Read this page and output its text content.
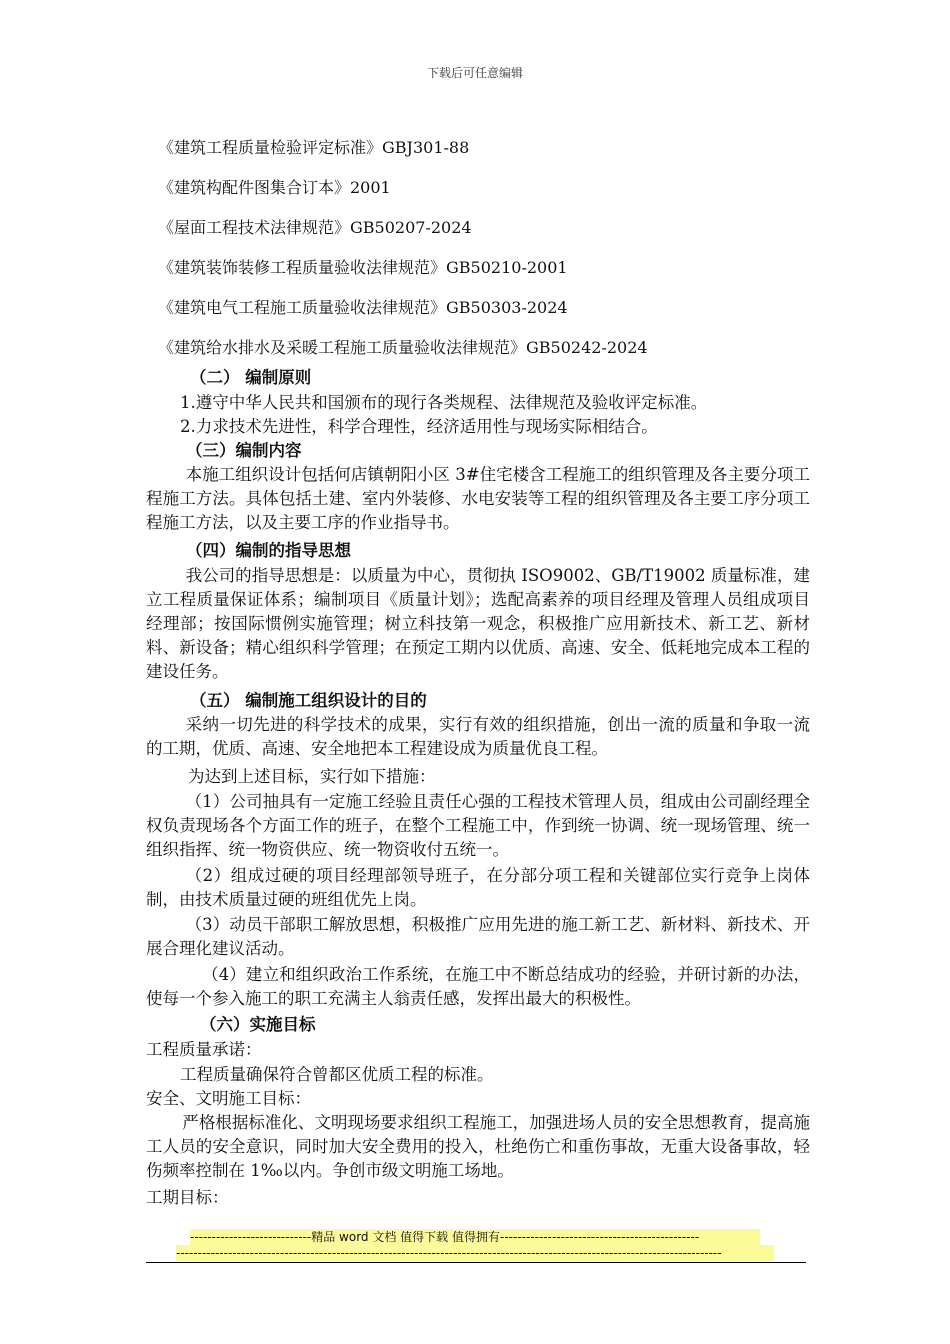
下载后可任意编辑
《建筑工程质量检验评定标准》GBJ301-88
《建筑构配件图集合订本》2001
《屋面工程技术法律规范》GB50207-2024
《建筑装饰装修工程质量验收法律规范》GB50210-2001
《建筑电气工程施工质量验收法律规范》GB50303-2024
《建筑给水排水及采暖工程施工质量验收法律规范》GB50242-2024
（二） 编制原则
1.遵守中华人民共和国颁布的现行各类规程、法律规范及验收评定标准。
2.力求技术先进性，科学合理性，经济适用性与现场实际相结合。
（三）编制内容
本施工组织设计包括何店镇朝阳小区 3#住宅楼含工程施工的组织管理及各主要分项工程施工方法。具体包括土建、室内外装修、水电安装等工程的组织管理及各主要工序分项工程施工方法，以及主要工序的作业指导书。
（四）编制的指导思想
我公司的指导思想是：以质量为中心，贯彻执 ISO9002、GB/T19002 质量标准，建立工程质量保证体系；编制项目《质量计划》；选配高素养的项目经理及管理人员组成项目经理部；按国际惯例实施管理；树立科技第一观念，积极推广应用新技术、新工艺、新材料、新设备；精心组织科学管理；在预定工期内以优质、高速、安全、低耗地完成本工程的建设任务。
（五） 编制施工组织设计的目的
采纳一切先进的科学技术的成果，实行有效的组织措施，创出一流的质量和争取一流的工期，优质、高速、安全地把本工程建设成为质量优良工程。
为达到上述目标，实行如下措施：
（1）公司抽具有一定施工经验且责任心强的工程技术管理人员，组成由公司副经理全权负责现场各个方面工作的班子，在整个工程施工中，作到统一协调、统一现场管理、统一组织指挥、统一物资供应、统一物资收付五统一。
（2）组成过硬的项目经理部领导班子，在分部分项工程和关键部位实行竞争上岗体制，由技术质量过硬的班组优先上岗。
（3）动员干部职工解放思想，积极推广应用先进的施工新工艺、新材料、新技术、开展合理化建议活动。
（4）建立和组织政治工作系统，在施工中不断总结成功的经验，并研讨新的办法，使每一个参入施工的职工充满主人翁责任感，发挥出最大的积极性。
（六）实施目标
工程质量承诺：
工程质量确保符合曾都区优质工程的标准。
安全、文明施工目标：
严格根据标准化、文明现场要求组织工程施工，加强进场人员的安全思想教育，提高施工人员的安全意识，同时加大安全费用的投入，杜绝伤亡和重伤事故，无重大设备事故，轻伤频率控制在 1‰以内。争创市级文明施工场地。
工期目标：
----------------------------精品 word 文档 值得下载 值得拥有----------------------------------------------
------------------------------------------------------------------------------------------------------------------------------
